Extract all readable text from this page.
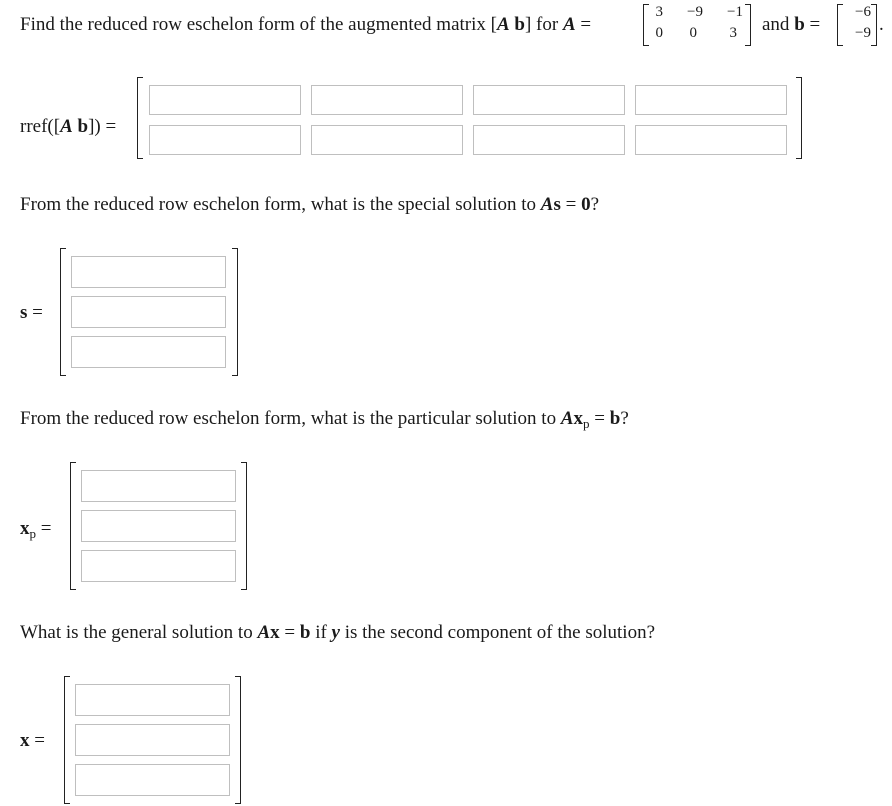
Find the reduced row eschelon form of the augmented matrix [A b] for A =
3	−9	−1
0	0	3 and b =
−6
−9 .
rref([A b]) =
From the reduced row eschelon form, what is the special solution to As = 0?
s =
From the reduced row eschelon form, what is the particular solution to $Ax_p = b$?
$x_p$ =
What is the general solution to Ax = b if y is the second component of the solution?
x =
